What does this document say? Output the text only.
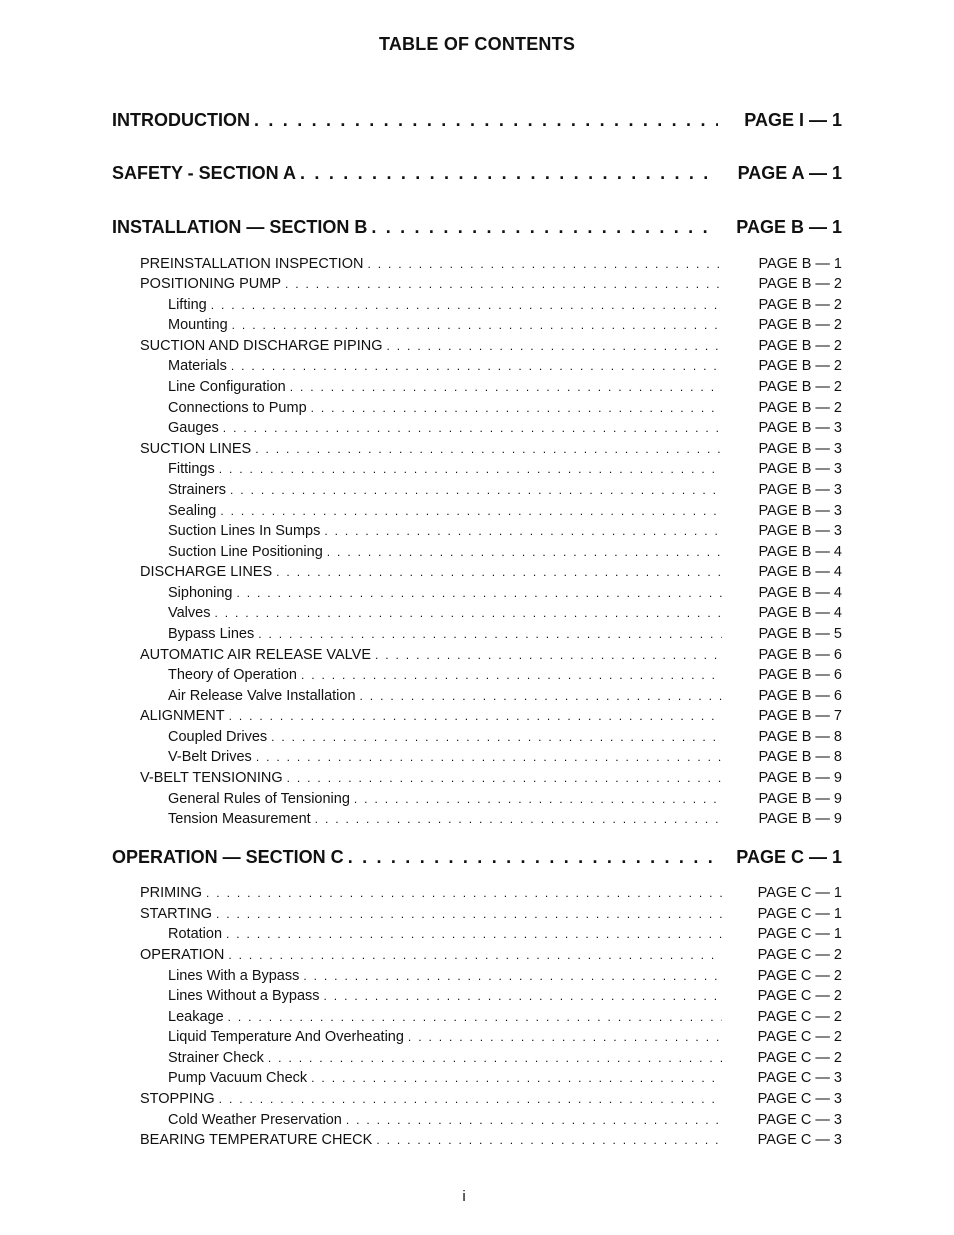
TABLE OF CONTENTS
INTRODUCTION . . .	PAGE I — 1
SAFETY - SECTION A . . .	PAGE A — 1
INSTALLATION — SECTION B . . .	PAGE B — 1
PREINSTALLATION INSPECTION . . .	PAGE B — 1
POSITIONING PUMP . . .	PAGE B — 2
Lifting . . .	PAGE B — 2
Mounting . . .	PAGE B — 2
SUCTION AND DISCHARGE PIPING . . .	PAGE B — 2
Materials . . .	PAGE B — 2
Line Configuration . . .	PAGE B — 2
Connections to Pump . . .	PAGE B — 2
Gauges . . .	PAGE B — 3
SUCTION LINES . . .	PAGE B — 3
Fittings . . .	PAGE B — 3
Strainers . . .	PAGE B — 3
Sealing . . .	PAGE B — 3
Suction Lines In Sumps . . .	PAGE B — 3
Suction Line Positioning . . .	PAGE B — 4
DISCHARGE LINES . . .	PAGE B — 4
Siphoning . . .	PAGE B — 4
Valves . . .	PAGE B — 4
Bypass Lines . . .	PAGE B — 5
AUTOMATIC AIR RELEASE VALVE . . .	PAGE B — 6
Theory of Operation . . .	PAGE B — 6
Air Release Valve Installation . . .	PAGE B — 6
ALIGNMENT . . .	PAGE B — 7
Coupled Drives . . .	PAGE B — 8
V-Belt Drives . . .	PAGE B — 8
V-BELT TENSIONING . . .	PAGE B — 9
General Rules of Tensioning . . .	PAGE B — 9
Tension Measurement . . .	PAGE B — 9
OPERATION — SECTION C . . .	PAGE C — 1
PRIMING . . .	PAGE C — 1
STARTING . . .	PAGE C — 1
Rotation . . .	PAGE C — 1
OPERATION . . .	PAGE C — 2
Lines With a Bypass . . .	PAGE C — 2
Lines Without a Bypass . . .	PAGE C — 2
Leakage . . .	PAGE C — 2
Liquid Temperature And Overheating . . .	PAGE C — 2
Strainer Check . . .	PAGE C — 2
Pump Vacuum Check . . .	PAGE C — 3
STOPPING . . .	PAGE C — 3
Cold Weather Preservation . . .	PAGE C — 3
BEARING TEMPERATURE CHECK . . .	PAGE C — 3
i
